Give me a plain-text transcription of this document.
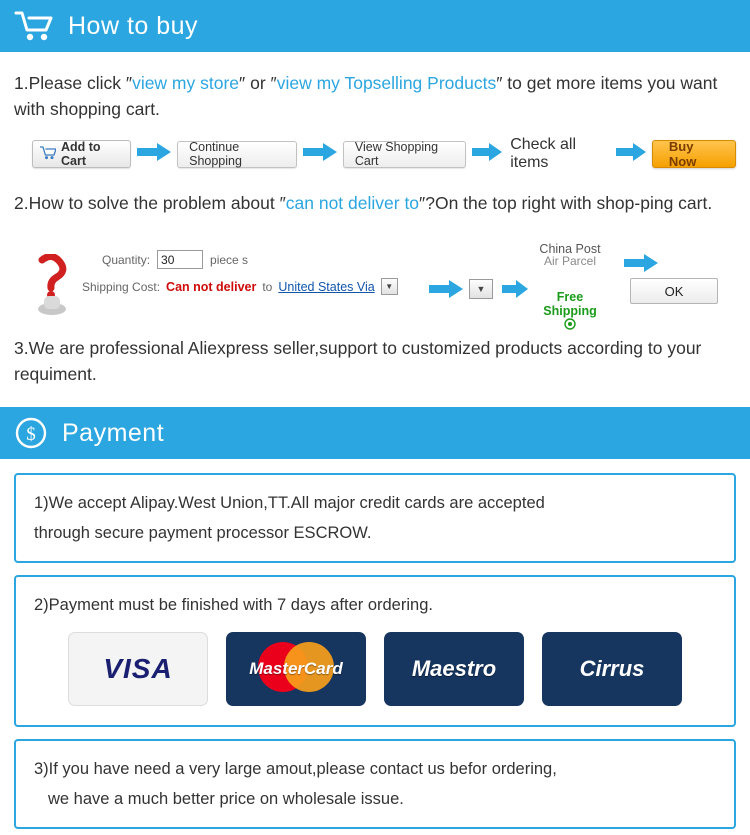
How to buy

1.Please click ″view my store″ or ″view my Topselling Products″ to get more items you want with shopping cart.

Add to Cart
Continue Shopping
View Shopping Cart
Check all items
Buy Now

2.How to solve the problem about ″can not deliver to″?On the top right with shop-ping cart.

Quantity:
30	piece s
Shipping Cost: Can not deliver to United States Via	▼	▼
China Post
Air Parcel
Free
Shipping
OK

3.We are professional Aliexpress seller,support to customized products according to your requiment.

$ Payment

1)We accept Alipay.West Union,TT.All major credit cards are accepted

through secure payment processor ESCROW.

2)Payment must be finished with 7 days after ordering.

VISA	MasterCard	Maestro	Cirrus

3)If you have need a very large amout,please contact us befor ordering,

we have a much better price on wholesale issue.
